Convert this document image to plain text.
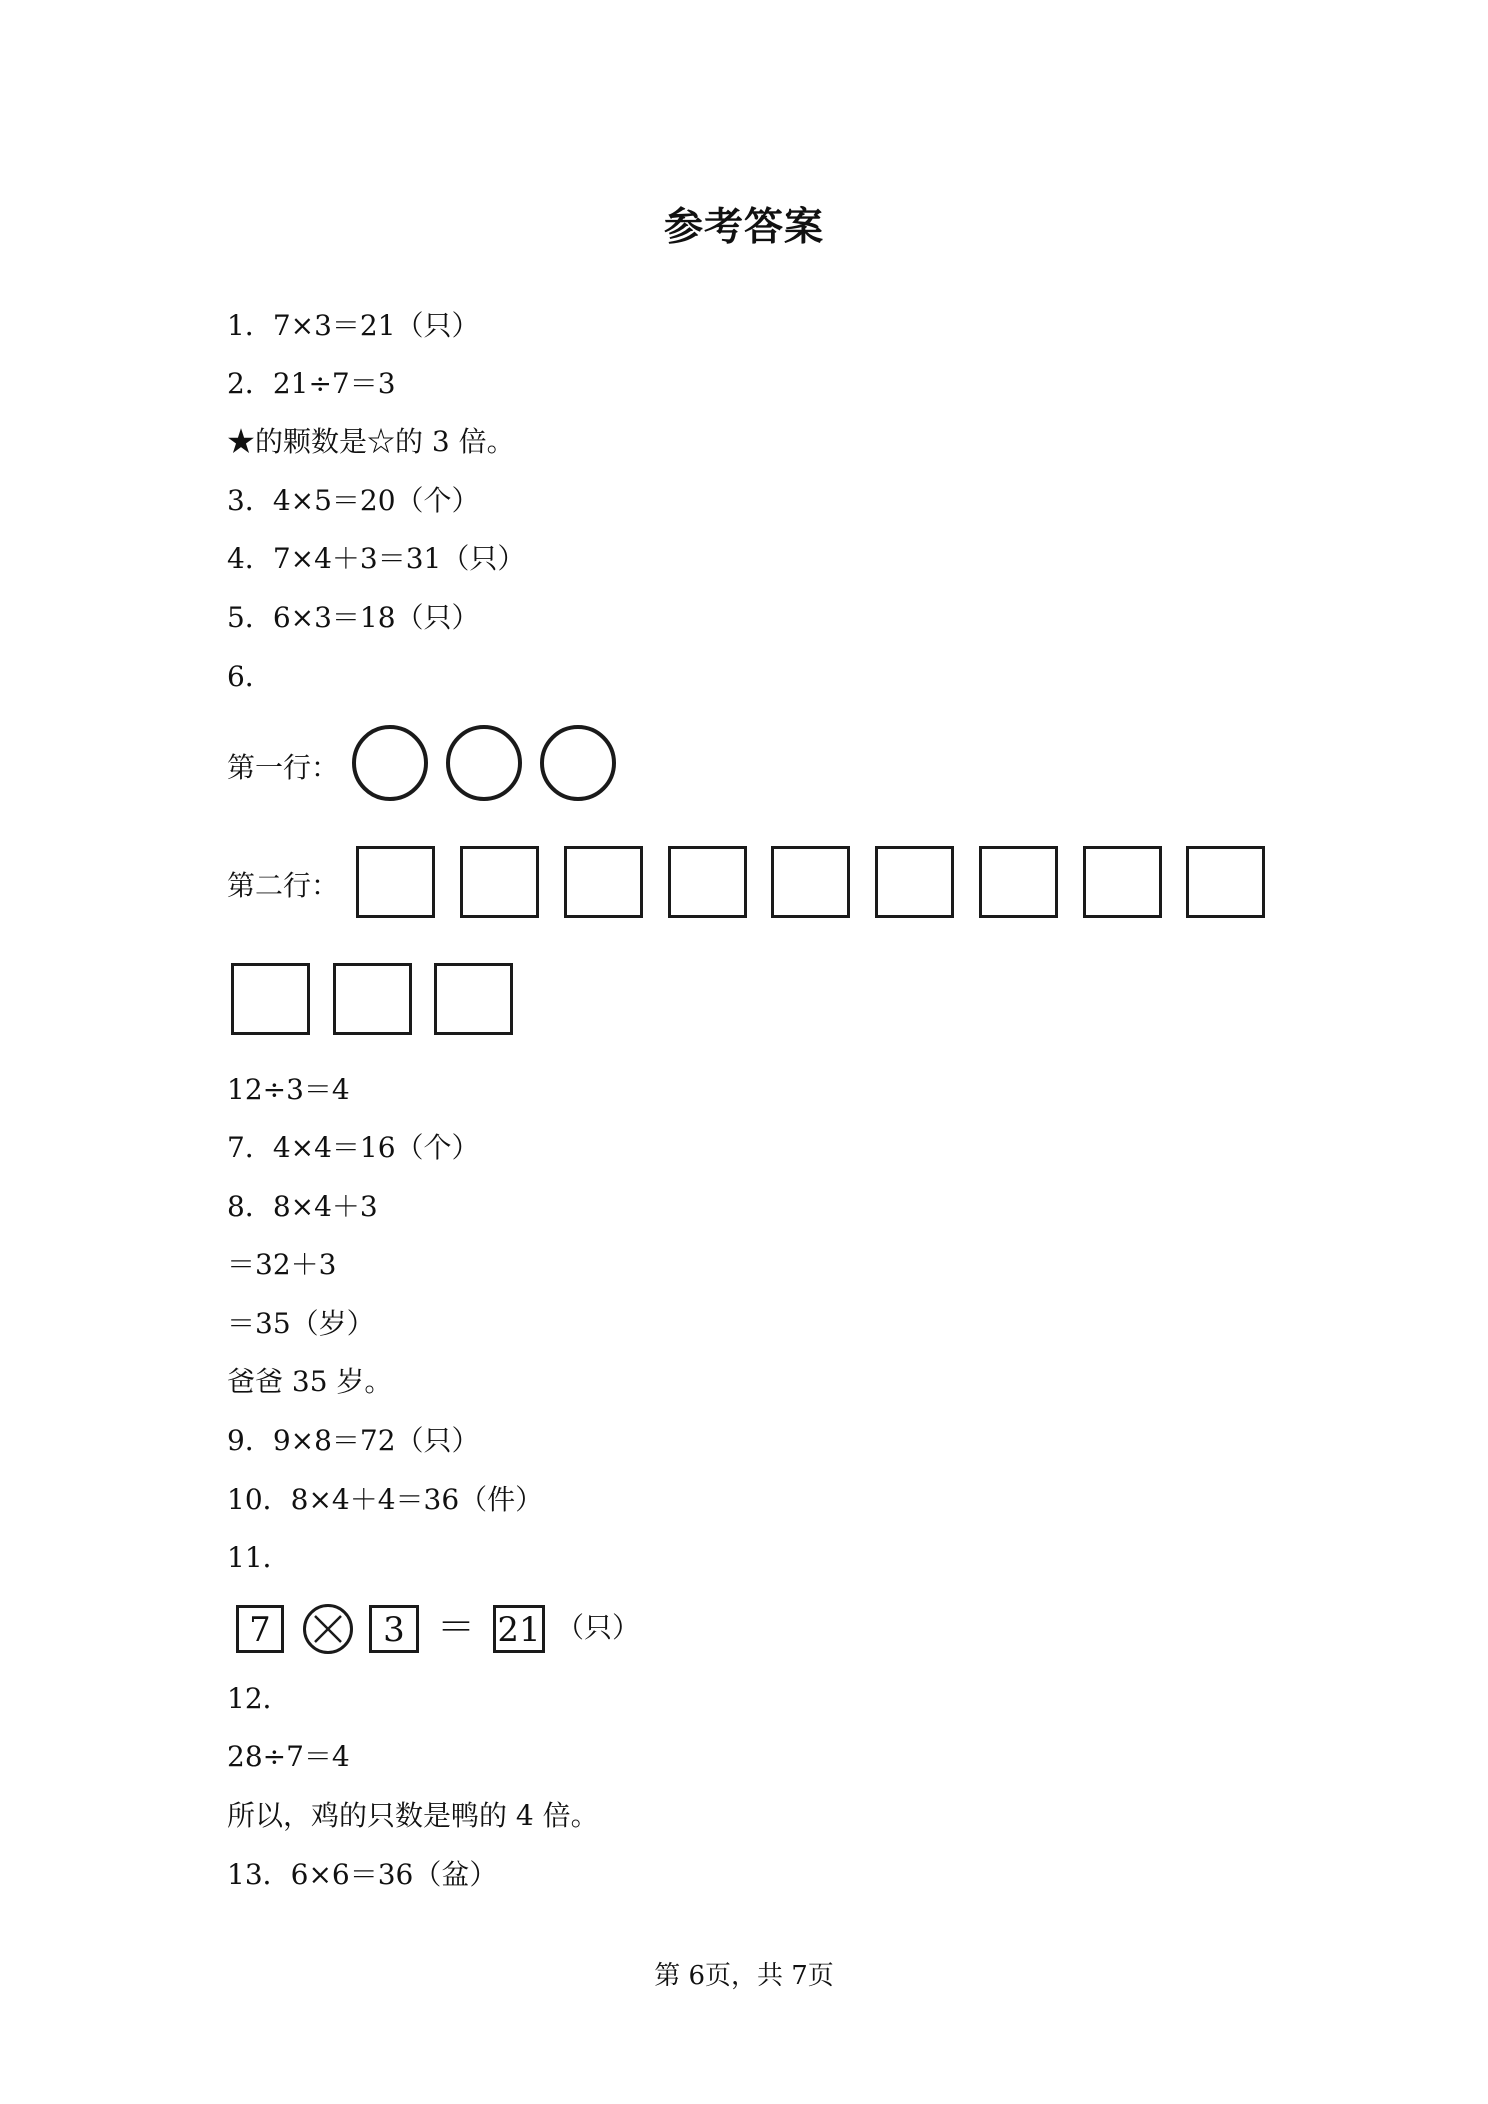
参考答案
1．7×3＝21（只）
2．21÷7＝3
★的颗数是☆的 3 倍。
3．4×5＝20（个）
4．7×4＋3＝31（只）
5．6×3＝18（只）
6．
第一行：
第二行：
12÷3＝4
7．4×4＝16（个）
8．8×4＋3
＝32＋3
＝35（岁）
爸爸 35 岁。
9．9×8＝72（只）
10．8×4＋4＝36（件）
11．
7	3 ＝ 21 （只）
12．
28÷7＝4
所以，鸡的只数是鸭的 4 倍。
13．6×6＝36（盆）
第 6页，共 7页
